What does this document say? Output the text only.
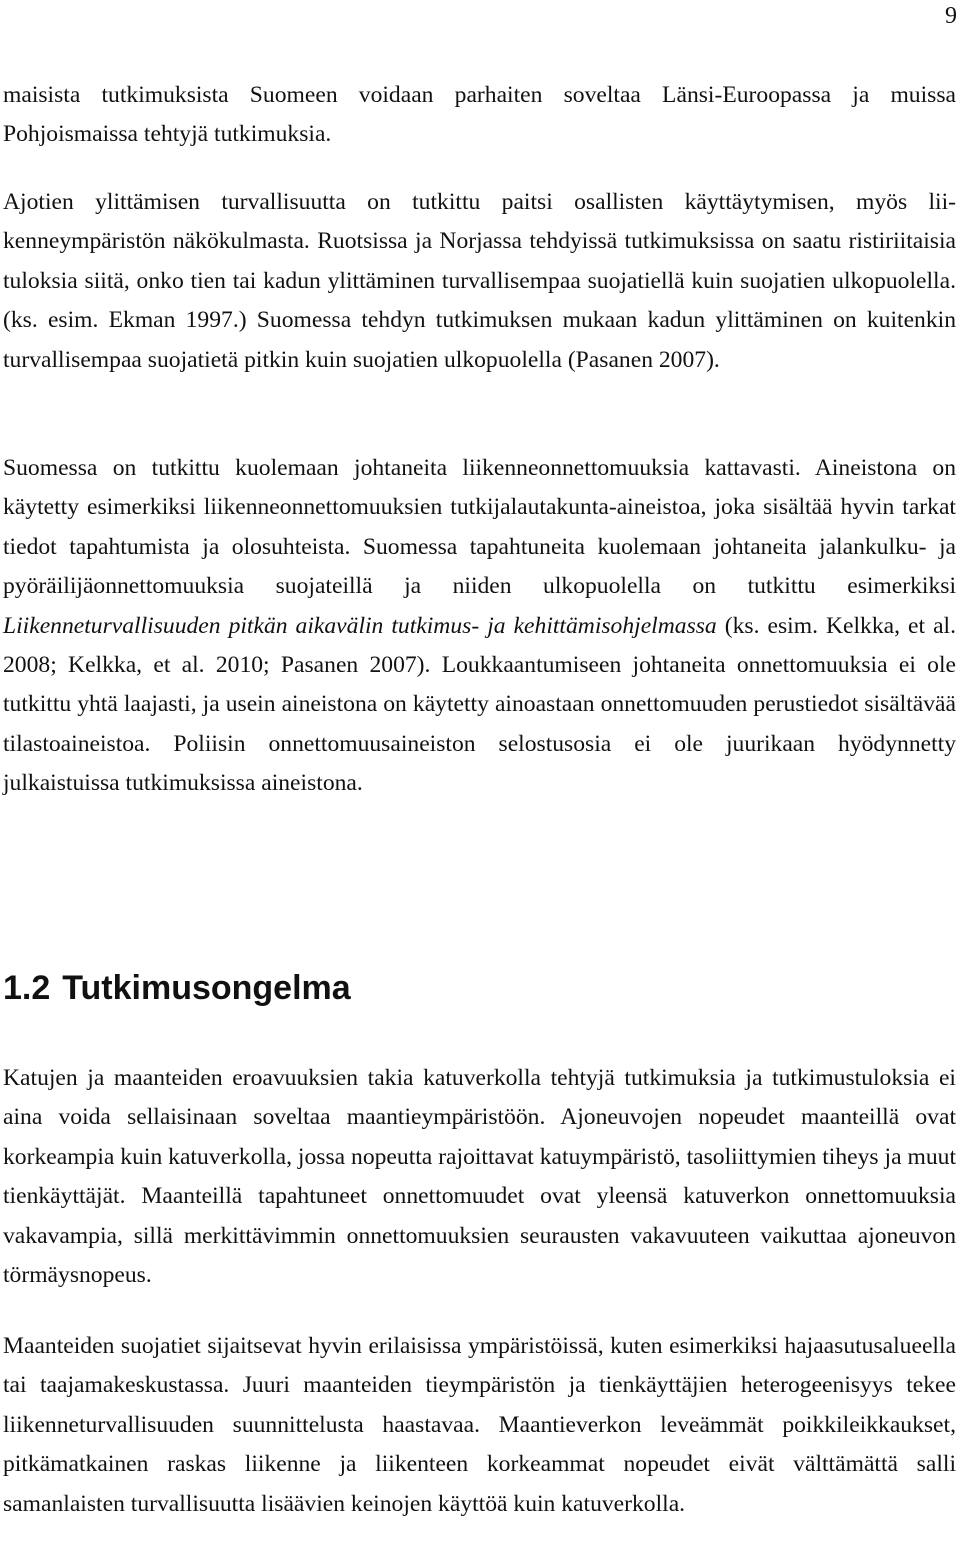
9

maisista tutkimuksista Suomeen voidaan parhaiten soveltaa Länsi-Euroopassa ja muissa Pohjoismaissa tehtyjä tutkimuksia.

Ajotien ylittämisen turvallisuutta on tutkittu paitsi osallisten käyttäytymisen, myös liikenneympäristön näkökulmasta. Ruotsissa ja Norjassa tehdyissä tutkimuksissa on saatu ristiriitaisia tuloksia siitä, onko tien tai kadun ylittäminen turvallisempaa suojatiellä kuin suojatien ulkopuolella. (ks. esim. Ekman 1997.) Suomessa tehdyn tutkimuksen mukaan kadun ylittäminen on kuitenkin turvallisempaa suojatietä pitkin kuin suojatien ulkopuolella (Pasanen 2007).

Suomessa on tutkittu kuolemaan johtaneita liikenneonnettomuuksia kattavasti. Aineistona on käytetty esimerkiksi liikenneonnettomuuksien tutkijalautakunta-aineistoa, joka sisältää hyvin tarkat tiedot tapahtumista ja olosuhteista. Suomessa tapahtuneita kuolemaan johtaneita jalankulku- ja pyöräilijäonnettomuuksia suojateillä ja niiden ulkopuolella on tutkittu esimerkiksi Liikenneturvallisuuden pitkän aikavälin tutkimus- ja kehittämisohjelmassa (ks. esim. Kelkka, et al. 2008; Kelkka, et al. 2010; Pasanen 2007). Loukkaantumiseen johtaneita onnettomuuksia ei ole tutkittu yhtä laajasti, ja usein aineistona on käytetty ainoastaan onnettomuuden perustiedot sisältävää tilastoaineistoa. Poliisin onnettomuusaineiston selostusosia ei ole juurikaan hyödynnetty julkaistuissa tutkimuksissa aineistona.

1.2 Tutkimusongelma

Katujen ja maanteiden eroavuuksien takia katuverkolla tehtyjä tutkimuksia ja tutkimustuloksia ei aina voida sellaisinaan soveltaa maantieympäristöön. Ajoneuvojen nopeudet maanteillä ovat korkeampia kuin katuverkolla, jossa nopeutta rajoittavat katuympäristö, tasoliittymien tiheys ja muut tienkäyttäjät. Maanteillä tapahtuneet onnettomuudet ovat yleensä katuverkon onnettomuuksia vakavampia, sillä merkittävimmin onnettomuuksien seurausten vakavuuteen vaikuttaa ajoneuvon törmäysnopeus.

Maanteiden suojatiet sijaitsevat hyvin erilaisissa ympäristöissä, kuten esimerkiksi hajaasutusalueella tai taajamakeskustassa. Juuri maanteiden tieympäristön ja tienkäyttäjien heterogeenisyys tekee liikenneturvallisuuden suunnittelusta haastavaa. Maantieverkon leveämmät poikkileikkaukset, pitkämatkainen raskas liikenne ja liikenteen korkeammat nopeudet eivät välttämättä salli samanlaisten turvallisuutta lisäävien keinojen käyttöä kuin katuverkolla.
